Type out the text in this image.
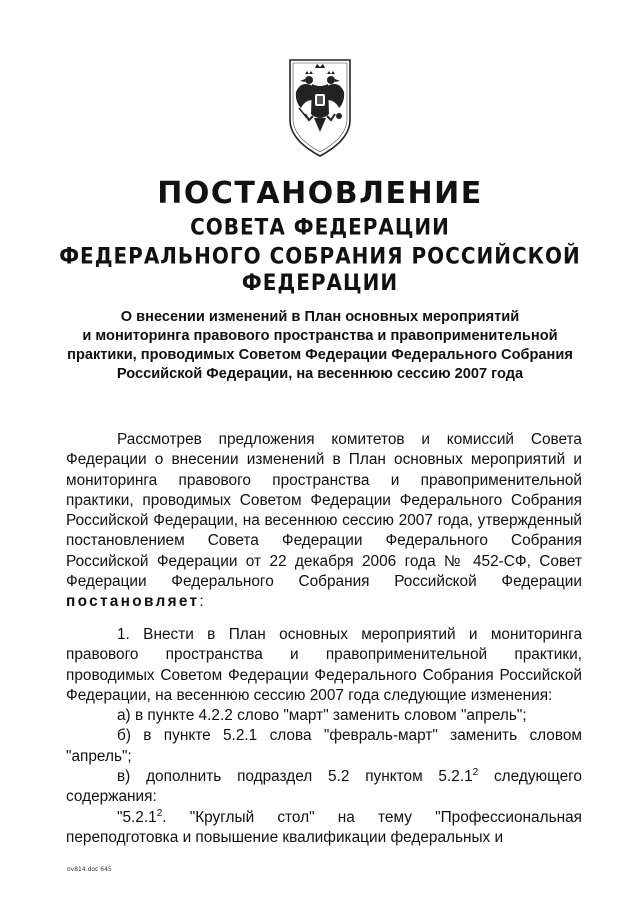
ПОСТАНОВЛЕНИЕ
СОВЕТА ФЕДЕРАЦИИ
ФЕДЕРАЛЬНОГО СОБРАНИЯ РОССИЙСКОЙ ФЕДЕРАЦИИ
О внесении изменений в План основных мероприятий
и мониторинга правового пространства и правоприменительной
практики, проводимых Советом Федерации Федерального Собрания
Российской Федерации, на весеннюю сессию 2007 года

Рассмотрев предложения комитетов и комиссий Совета Федерации о внесении изменений в План основных мероприятий и мониторинга правового пространства и правоприменительной практики, проводимых Советом Федерации Федерального Собрания Российской Федерации, на весеннюю сессию 2007 года, утвержденный постановлением Совета Федерации Федерального Собрания Российской Федерации от 22 декабря 2006 года № 452-СФ, Совет Федерации Федерального Собрания Российской Федерации постановляет:

1. Внести в План основных мероприятий и мониторинга правового пространства и правоприменительной практики, проводимых Советом Федерации Федерального Собрания Российской Федерации, на весеннюю сессию 2007 года следующие изменения:

а) в пункте 4.2.2 слово "март" заменить словом "апрель";

б) в пункте 5.2.1 слова "февраль-март" заменить словом "апрель";

в) дополнить подраздел 5.2 пунктом 5.2.1$^2$ следующего содержания:

"5.2.1$^2$. "Круглый стол" на тему "Профессиональная переподготовка и повышение квалификации федеральных и

ov814.doc 645
